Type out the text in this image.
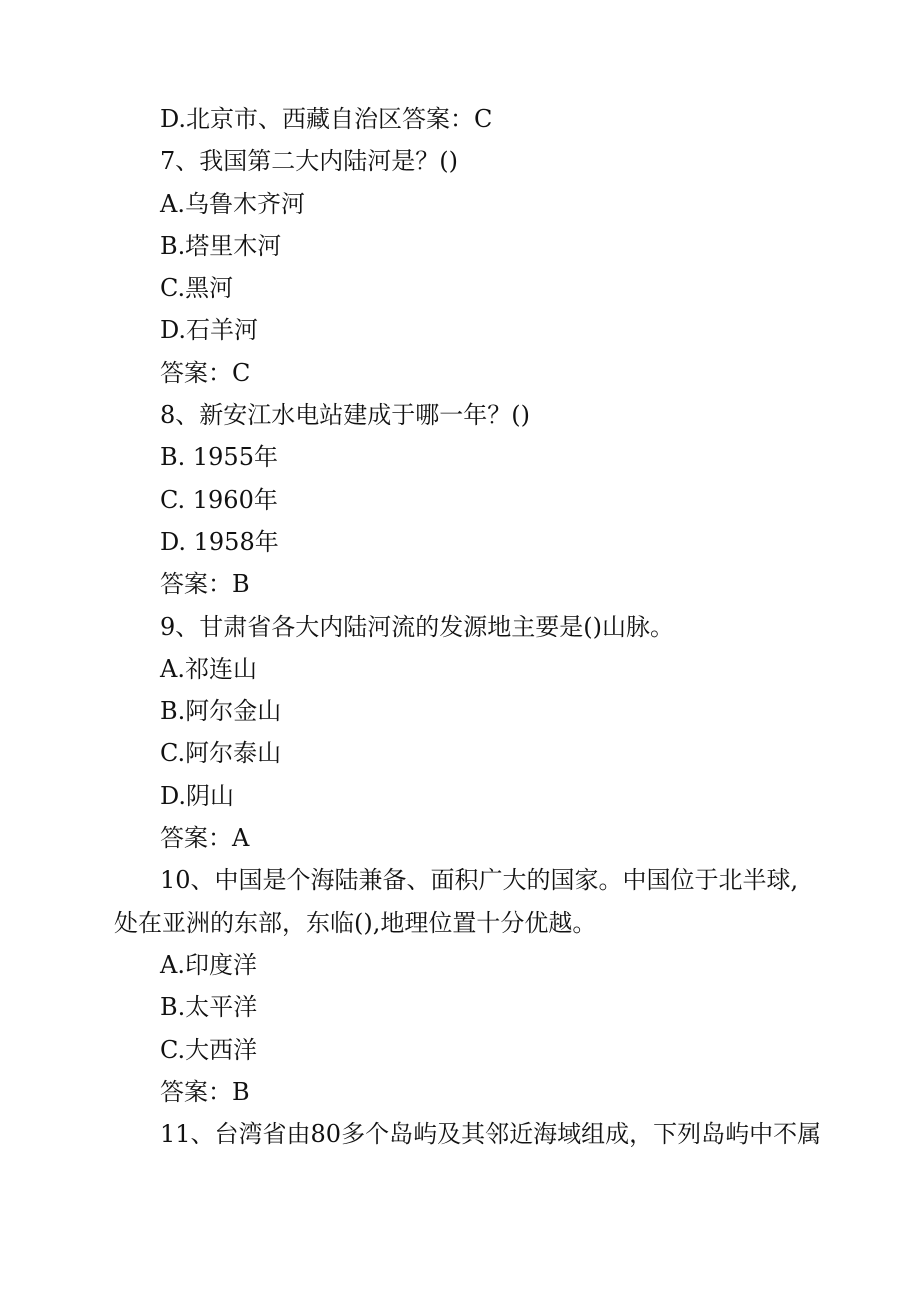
D.北京市、西藏自治区答案：C
7、我国第二大内陆河是？()
A.乌鲁木齐河
B.塔里木河
C.黑河
D.石羊河
答案：C
8、新安江水电站建成于哪一年？()
B. 1955年
C. 1960年
D. 1958年
答案：B
9、甘肃省各大内陆河流的发源地主要是()山脉。
A.祁连山
B.阿尔金山
C.阿尔泰山
D.阴山
答案：A
10、中国是个海陆兼备、面积广大的国家。中国位于北半球,
处在亚洲的东部，东临(),地理位置十分优越。
A.印度洋
B.太平洋
C.大西洋
答案：B
11、台湾省由80多个岛屿及其邻近海域组成，下列岛屿中不属
